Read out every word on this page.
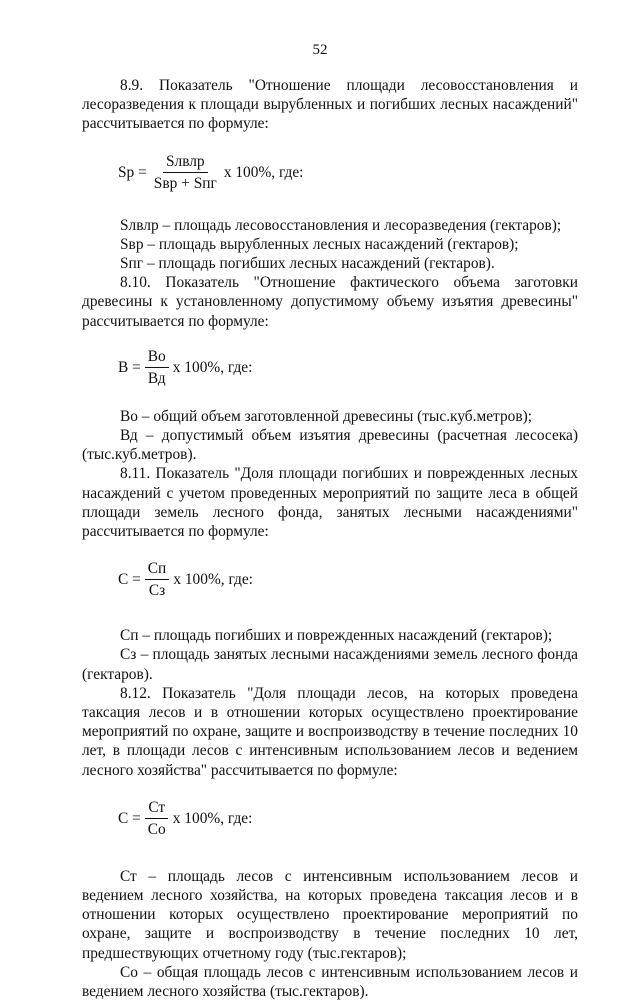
52

8.9. Показатель "Отношение площади лесовосстановления и лесоразведения к площади вырубленных и погибших лесных насаждений" рассчитывается по формуле:

$Sp = \frac{\text{Sлвлр}}{\text{Sвр + Sпг}}$ x 100%, где:

Sлвлр – площадь лесовосстановления и лесоразведения (гектаров);

Sвр – площадь вырубленных лесных насаждений (гектаров);

Sпг – площадь погибших лесных насаждений (гектаров).

8.10. Показатель "Отношение фактического объема заготовки древесины к установленному допустимому объему изъятия древесины" рассчитывается по формуле:

$B = \frac{Вo}{Вд}$ x 100%, где:

Во – общий объем заготовленной древесины (тыс.куб.метров);

Вд – допустимый объем изъятия древесины (расчетная лесосека) (тыс.куб.метров).

8.11. Показатель "Доля площади погибших и поврежденных лесных насаждений с учетом проведенных мероприятий по защите леса в общей площади земель лесного фонда, занятых лесными насаждениями" рассчитывается по формуле:

$C = \frac{Сп}{Сз}$ x 100%, где:

Сп – площадь погибших и поврежденных насаждений (гектаров);

Сз – площадь занятых лесными насаждениями земель лесного фонда (гектаров).

8.12. Показатель "Доля площади лесов, на которых проведена таксация лесов и в отношении которых осуществлено проектирование мероприятий по охране, защите и воспроизводству в течение последних 10 лет, в площади лесов с интенсивным использованием лесов и ведением лесного хозяйства" рассчитывается по формуле:

$C = \frac{Ст}{Со}$ x 100%, где:

Ст – площадь лесов с интенсивным использованием лесов и ведением лесного хозяйства, на которых проведена таксация лесов и в отношении которых осуществлено проектирование мероприятий по охране, защите и воспроизводству в течение последних 10 лет, предшествующих отчетному году (тыс.гектаров);

Со – общая площадь лесов с интенсивным использованием лесов и ведением лесного хозяйства (тыс.гектаров).
